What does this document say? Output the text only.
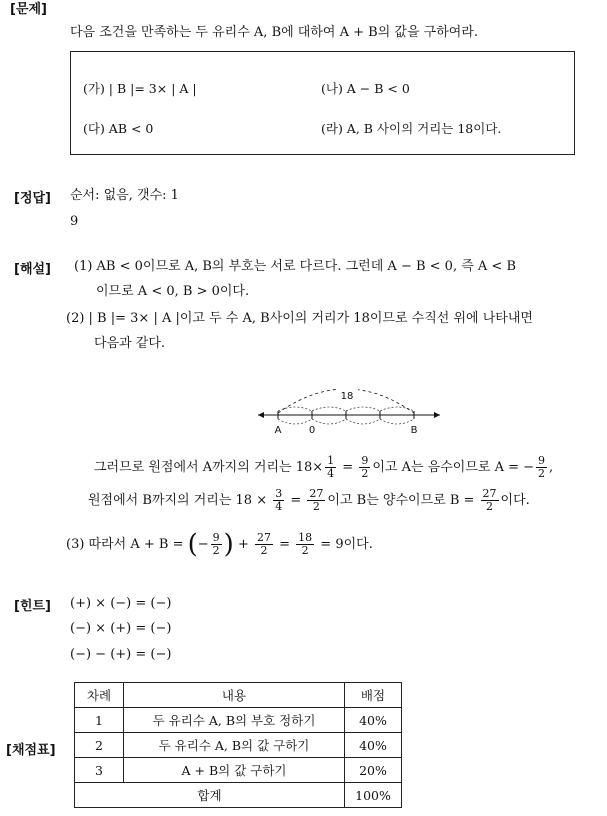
[문제]
다음 조건을 만족하는 두 유리수 A, B에 대하여 A + B의 값을 구하여라.
(가) | B |= 3× | A |	(나) A − B < 0
(다) AB < 0	(라) A, B 사이의 거리는 18이다.
[정답] 순서: 없음, 갯수: 1
9
[해설] (1) AB < 0이므로 A, B의 부호는 서로 다르다. 그런데 A − B < 0, 즉 A < B
이므로 A < 0, B > 0이다.
(2) | B |= 3× | A |이고 두 수 A, B사이의 거리가 18이므로 수직선 위에 나타내면
다음과 같다.
18
A	0	B
그러므로 원점에서 A까지의 거리는 $18\times \frac{1}{4} = \frac{9}{2}$ 이고 A는 음수이므로 A = − $\frac{9}{2}$ ,
원점에서 B까지의 거리는 $18 \times \frac{3}{4} = \frac{27}{2}$ 이고 B는 양수이므로 $B = \frac{27}{2}$ 이다.
(3) 따라서 A + B = (− $\frac{9}{2}$ ) + $\frac{27}{2} = \frac{18}{2} = 9$이다.
[힌트] (+) × (−) = (−)
(−) × (+) = (−)
(−) − (+) = (−)
[채점표]
차례	내용	배점
1	두 유리수 A, B의 부호 정하기	40%
2	두 유리수 A, B의 값 구하기	40%
3	A + B의 값 구하기	20%
합계		100%
